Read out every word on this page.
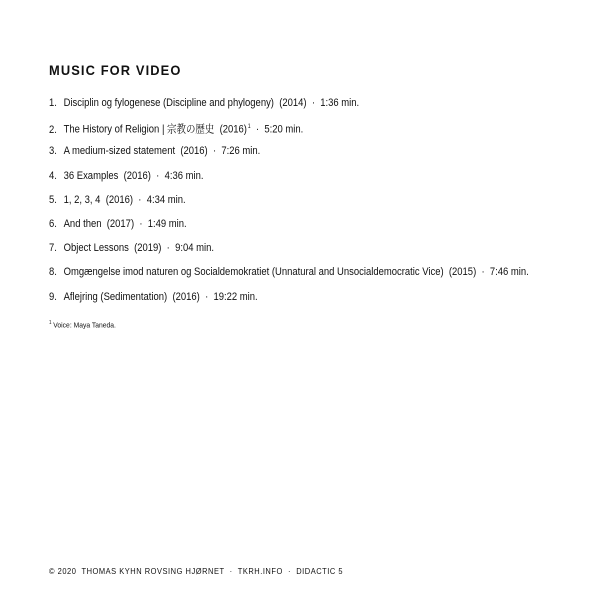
MUSIC FOR VIDEO
1. Disciplin og fylogenese (Discipline and phylogeny)  (2014)  ·  1:36 min.
2. The History of Religion | 宗教の歴史  $(2016)^1$  ·  5:20 min.
3. A medium-sized statement  (2016)  ·  7:26 min.
4. 36 Examples  (2016)  ·  4:36 min.
5. 1, 2, 3, 4  (2016)  ·  4:34 min.
6. And then  (2017)  ·  1:49 min.
7. Object Lessons  (2019)  ·  9:04 min.
8. Omgængelse imod naturen og Socialdemokratiet (Unnatural and Unsocialdemocratic Vice)  (2015)  ·  7:46 min.
9. Aflejring (Sedimentation)  (2016)  ·  19:22 min.
$^1$ Voice: Maya Taneda.
© 2020  THOMAS KYHN ROVSING HJØRNET  ·  TKRH.INFO  ·  DIDACTIC 5
